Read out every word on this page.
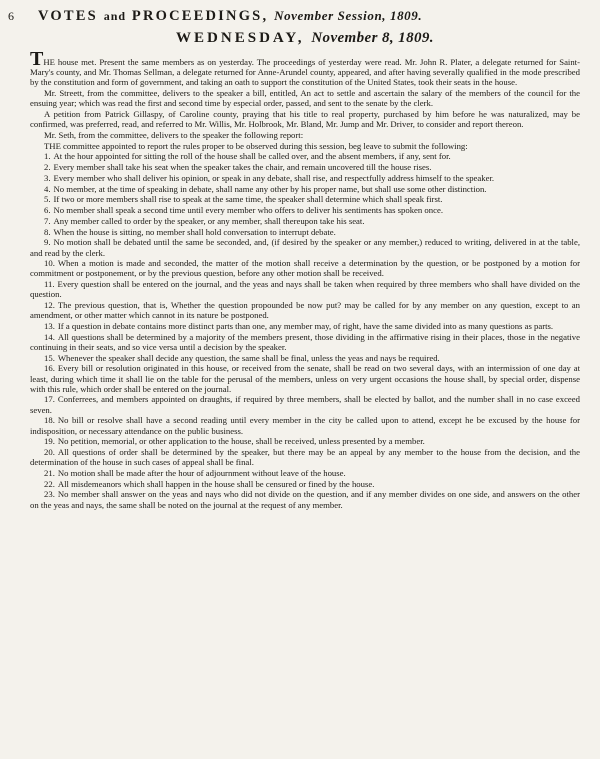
6	VOTES and PROCEEDINGS, November Session, 1809.
WEDNESDAY, November 8, 1809.

THE house met. Present the same members as on yesterday. The proceedings of yesterday were read. Mr. John R. Plater, a delegate returned for Saint-Mary's county, and Mr. Thomas Sellman, a delegate returned for Anne-Arundel county, appeared, and after having severally qualified in the mode prescribed by the constitution and form of government, and taking an oath to support the constitution of the United States, took their seats in the house.

Mr. Streett, from the committee, delivers to the speaker a bill, entitled, An act to settle and ascertain the salary of the members of the council for the ensuing year; which was read the first and second time by especial order, passed, and sent to the senate by the clerk.

A petition from Patrick Gillaspy, of Caroline county, praying that his title to real property, purchased by him before he was naturalized, may be confirmed, was preferred, read, and referred to Mr. Willis, Mr. Holbrook, Mr. Bland, Mr. Jump and Mr. Driver, to consider and report thereon.

Mr. Seth, from the committee, delivers to the speaker the following report:

THE committee appointed to report the rules proper to be observed during this session, beg leave to submit the following:

1. At the hour appointed for sitting the roll of the house shall be called over, and the absent members, if any, sent for.

2. Every member shall take his seat when the speaker takes the chair, and remain uncovered till the house rises.

3. Every member who shall deliver his opinion, or speak in any debate, shall rise, and respectfully address himself to the speaker.

4. No member, at the time of speaking in debate, shall name any other by his proper name, but shall use some other distinction.

5. If two or more members shall rise to speak at the same time, the speaker shall determine which shall speak first.

6. No member shall speak a second time until every member who offers to deliver his sentiments has spoken once.

7. Any member called to order by the speaker, or any member, shall thereupon take his seat.

8. When the house is sitting, no member shall hold conversation to interrupt debate.

9. No motion shall be debated until the same be seconded, and, (if desired by the speaker or any member,) reduced to writing, delivered in at the table, and read by the clerk.

10. When a motion is made and seconded, the matter of the motion shall receive a determination by the question, or be postponed by a motion for commitment or postponement, or by the previous question, before any other motion shall be received.

11. Every question shall be entered on the journal, and the yeas and nays shall be taken when required by three members who shall have divided on the question.

12. The previous question, that is, Whether the question propounded be now put? may be called for by any member on any question, except to an amendment, or other matter which cannot in its nature be postponed.

13. If a question in debate contains more distinct parts than one, any member may, of right, have the same divided into as many questions as parts.

14. All questions shall be determined by a majority of the members present, those dividing in the affirmative rising in their places, those in the negative continuing in their seats, and so vice versa until a decision by the speaker.

15. Whenever the speaker shall decide any question, the same shall be final, unless the yeas and nays be required.

16. Every bill or resolution originated in this house, or received from the senate, shall be read on two several days, with an intermission of one day at least, during which time it shall lie on the table for the perusal of the members, unless on very urgent occasions the house shall, by special order, dispense with this rule, which order shall be entered on the journal.

17. Conferrees, and members appointed on draughts, if required by three members, shall be elected by ballot, and the number shall in no case exceed seven.

18. No bill or resolve shall have a second reading until every member in the city be called upon to attend, except he be excused by the house for indisposition, or necessary attendance on the public business.

19. No petition, memorial, or other application to the house, shall be received, unless presented by a member.

20. All questions of order shall be determined by the speaker, but there may be an appeal by any member to the house from the decision, and the determination of the house in such cases of appeal shall be final.

21. No motion shall be made after the hour of adjournment without leave of the house.

22. All misdemeanors which shall happen in the house shall be censured or fined by the house.

23. No member shall answer on the yeas and nays who did not divide on the question, and if any member divides on one side, and answers on the other on the yeas and nays, the same shall be noted on the journal at the request of any member.
